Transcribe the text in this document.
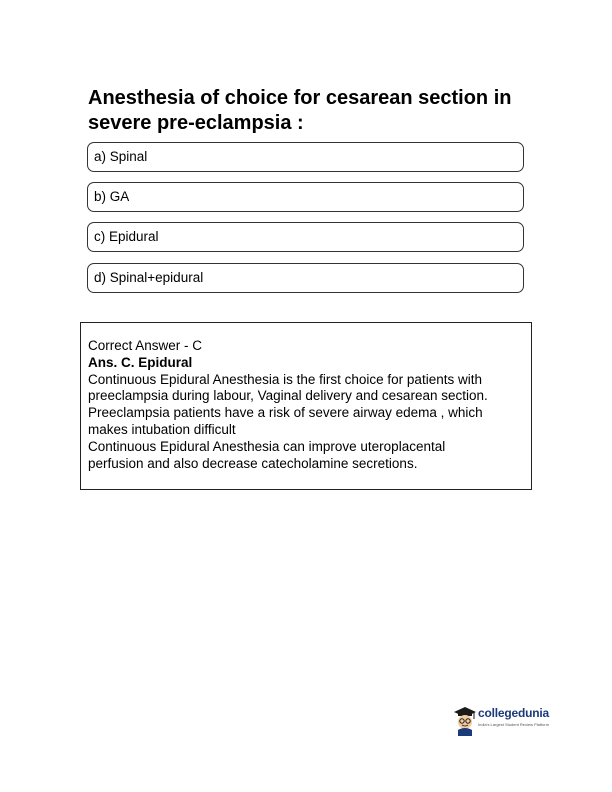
Anesthesia of choice for cesarean section in severe pre-eclampsia :
a) Spinal
b) GA
c) Epidural
d) Spinal+epidural
Correct Answer - C
Ans. C. Epidural
Continuous Epidural Anesthesia is the first choice for patients with
preeclampsia during labour, Vaginal delivery and cesarean section.
Preeclampsia patients have a risk of severe airway edema , which
makes intubation difficult
Continuous Epidural Anesthesia can improve uteroplacental
perfusion and also decrease catecholamine secretions.
collegedunia
India's Largest Student Review Platform
